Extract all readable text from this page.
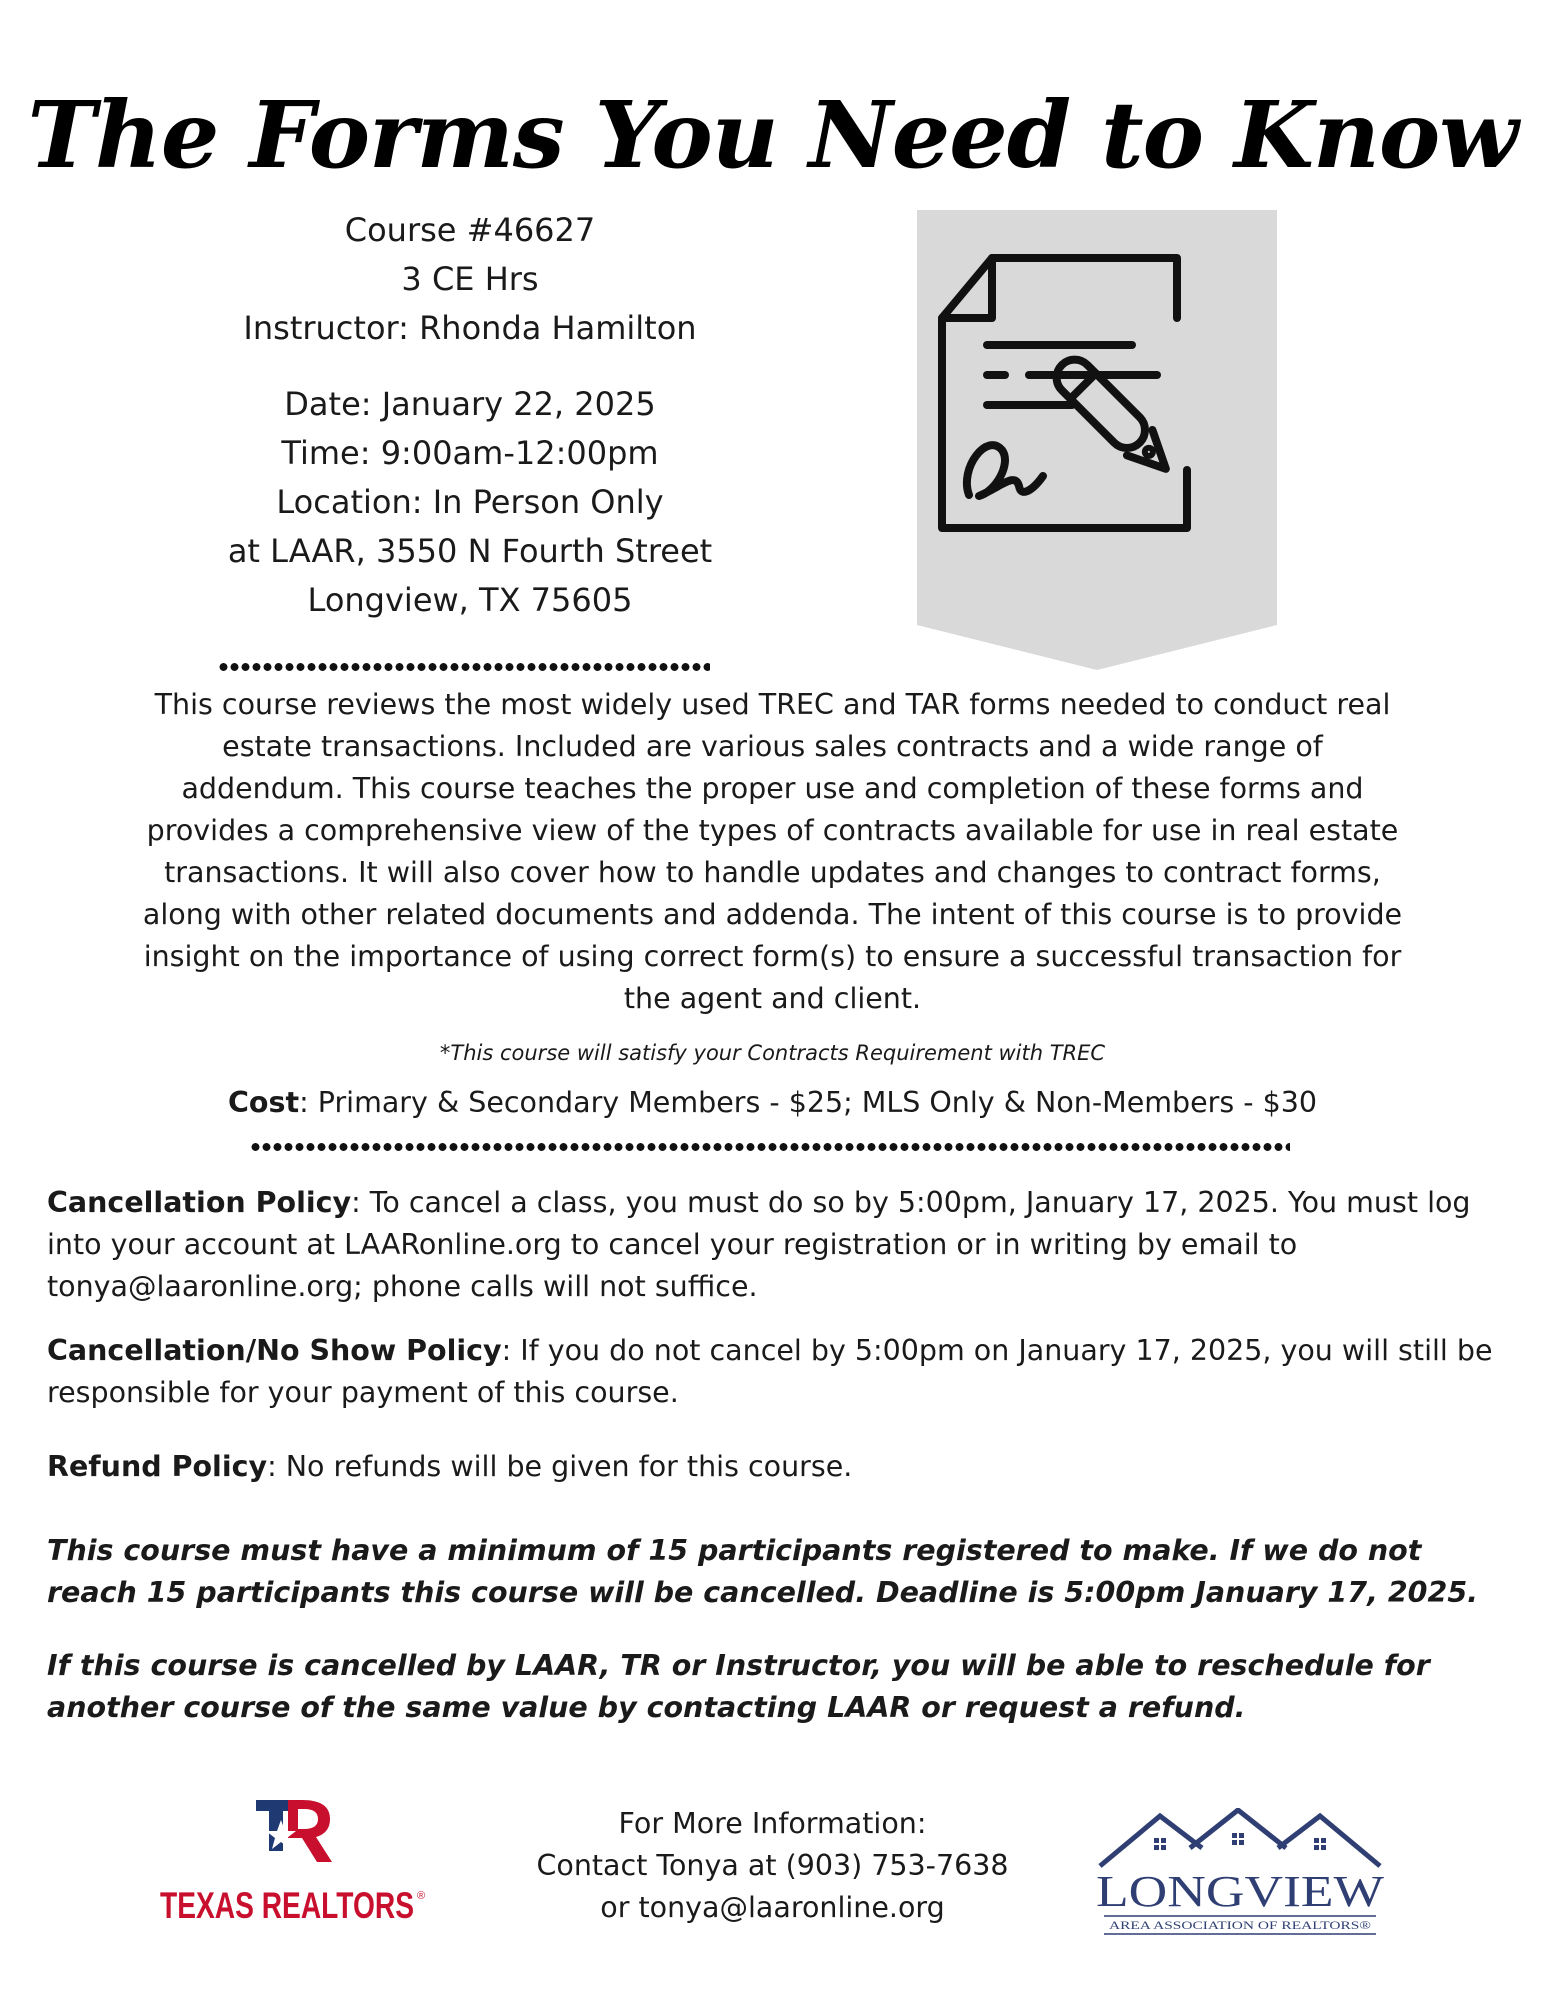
The Forms You Need to Know
Course #46627
3 CE Hrs
Instructor: Rhonda Hamilton
Date: January 22, 2025
Time: 9:00am-12:00pm
Location: In Person Only
at LAAR, 3550 N Fourth Street
Longview, TX 75605
This course reviews the most widely used TREC and TAR forms needed to conduct real estate transactions. Included are various sales contracts and a wide range of addendum. This course teaches the proper use and completion of these forms and provides a comprehensive view of the types of contracts available for use in real estate transactions. It will also cover how to handle updates and changes to contract forms, along with other related documents and addenda. The intent of this course is to provide insight on the importance of using correct form(s) to ensure a successful transaction for the agent and client.
*This course will satisfy your Contracts Requirement with TREC
Cost: Primary & Secondary Members - $25; MLS Only & Non-Members - $30

Cancellation Policy: To cancel a class, you must do so by 5:00pm, January 17, 2025. You must log into your account at LAARonline.org to cancel your registration or in writing by email to tonya@laaronline.org; phone calls will not suffice.

Cancellation/No Show Policy: If you do not cancel by 5:00pm on January 17, 2025, you will still be responsible for your payment of this course.

Refund Policy: No refunds will be given for this course.

This course must have a minimum of 15 participants registered to make. If we do not reach 15 participants this course will be cancelled. Deadline is 5:00pm January 17, 2025.

If this course is cancelled by LAAR, TR or Instructor, you will be able to reschedule for another course of the same value by contacting LAAR or request a refund.

TEXAS REALTORS ®
For More Information:
Contact Tonya at (903) 753-7638
or tonya@laaronline.org	LONGVIEW
AREA ASSOCIATION OF REALTORS®
